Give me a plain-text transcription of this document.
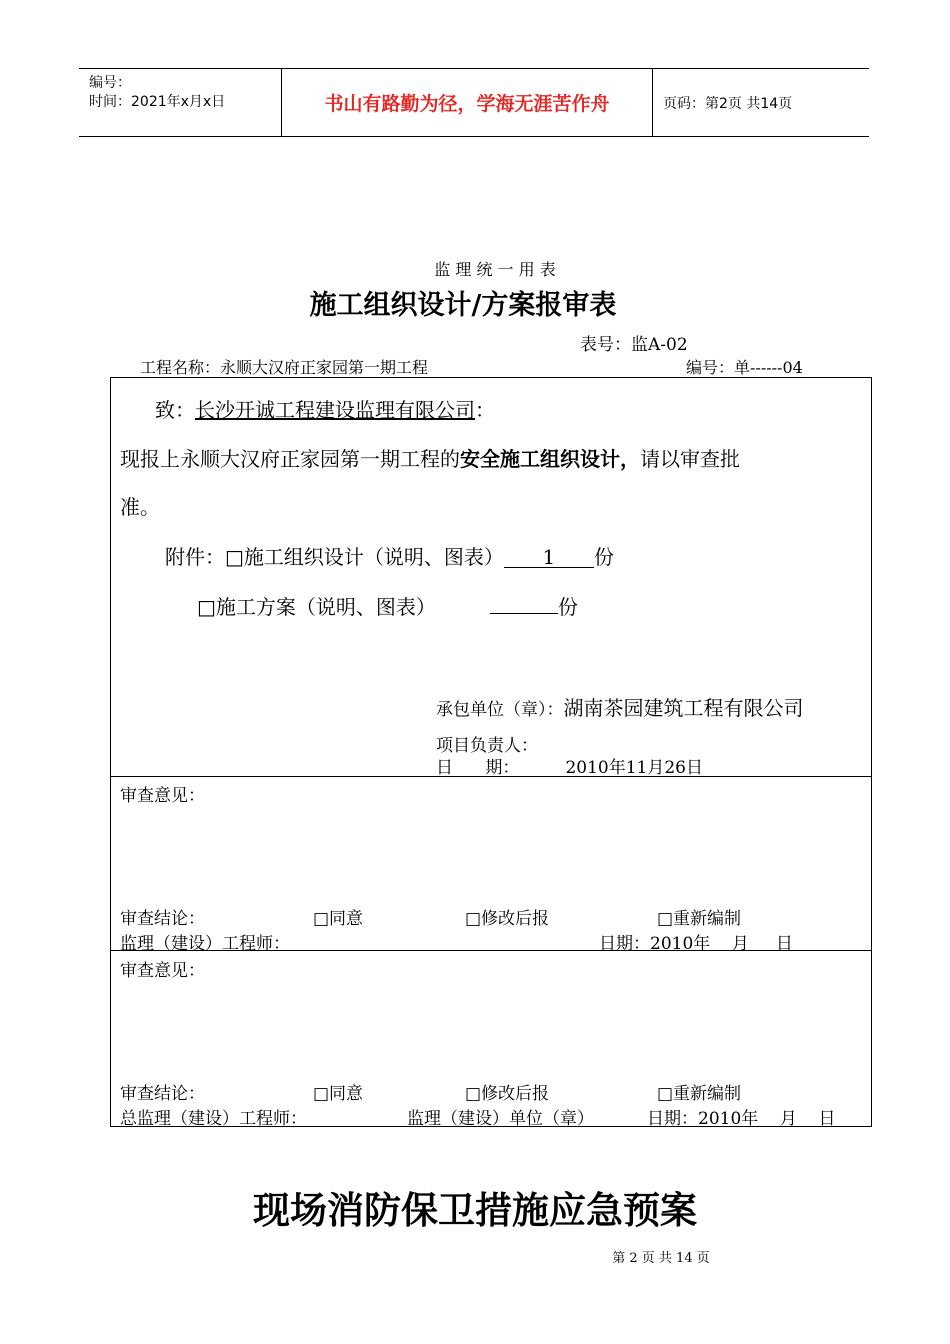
编号：
时间：2021年x月x日	书山有路勤为径，学海无涯苦作舟	页码：第2页 共14页
监 理 统 一 用 表
施工组织设计/方案报审表
表号：监A-02
工程名称：永顺大汉府正家园第一期工程	编号：单------04
致：长沙开诚工程建设监理有限公司：
现报上永顺大汉府正家园第一期工程的安全施工组织设计，请以审查批
准。
附件：□施工组织设计（说明、图表） 1 份
□施工方案（说明、图表）	份
承包单位（章）：湖南茶园建筑工程有限公司
项目负责人：
日      期：	2010年11月26日
审查意见：
审查结论：	□同意	□修改后报	□重新编制
监理（建设）工程师：	日期：2010年    月     日
审查意见：
审查结论：	□同意	□修改后报	□重新编制
总监理（建设）工程师：	监理（建设）单位（章）	日期：2010年    月    日
现场消防保卫措施应急预案
第 2 页 共 14 页
